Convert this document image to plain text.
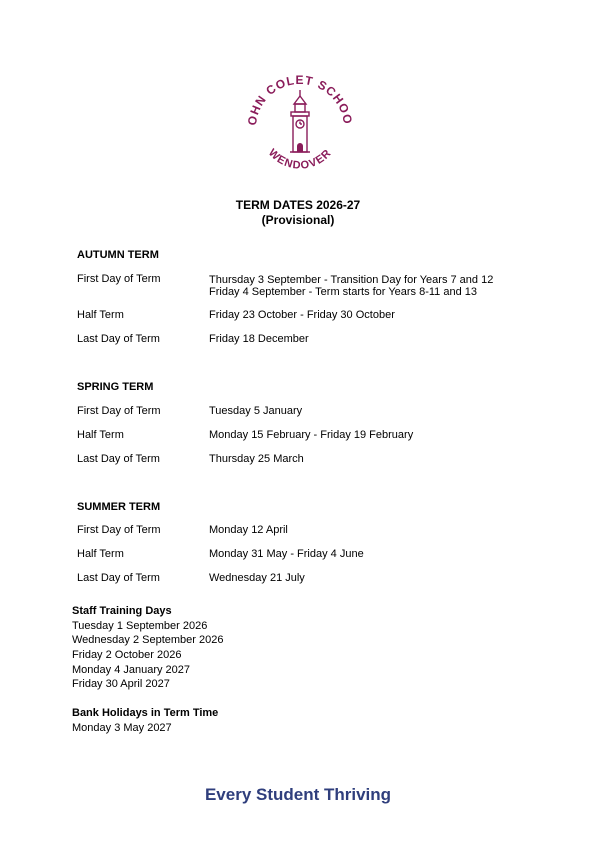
OHN COLET SCHOO
WENDOVER
TERM DATES 2026-27
(Provisional)
AUTUMN TERM
First Day of Term	Thursday 3 September - Transition Day for Years 7 and 12
Friday 4 September - Term starts for Years 8-11 and 13
Half Term	Friday 23 October - Friday 30 October
Last Day of Term	Friday 18 December
SPRING TERM
First Day of Term	Tuesday 5 January
Half Term	Monday 15 February - Friday 19 February
Last Day of Term	Thursday 25 March
SUMMER TERM
First Day of Term	Monday 12 April
Half Term	Monday 31 May - Friday 4 June
Last Day of Term	Wednesday 21 July
Staff Training Days
Tuesday 1 September 2026
Wednesday 2 September 2026
Friday 2 October 2026
Monday 4 January 2027
Friday 30 April 2027
Bank Holidays in Term Time
Monday 3 May 2027
Every Student Thriving
